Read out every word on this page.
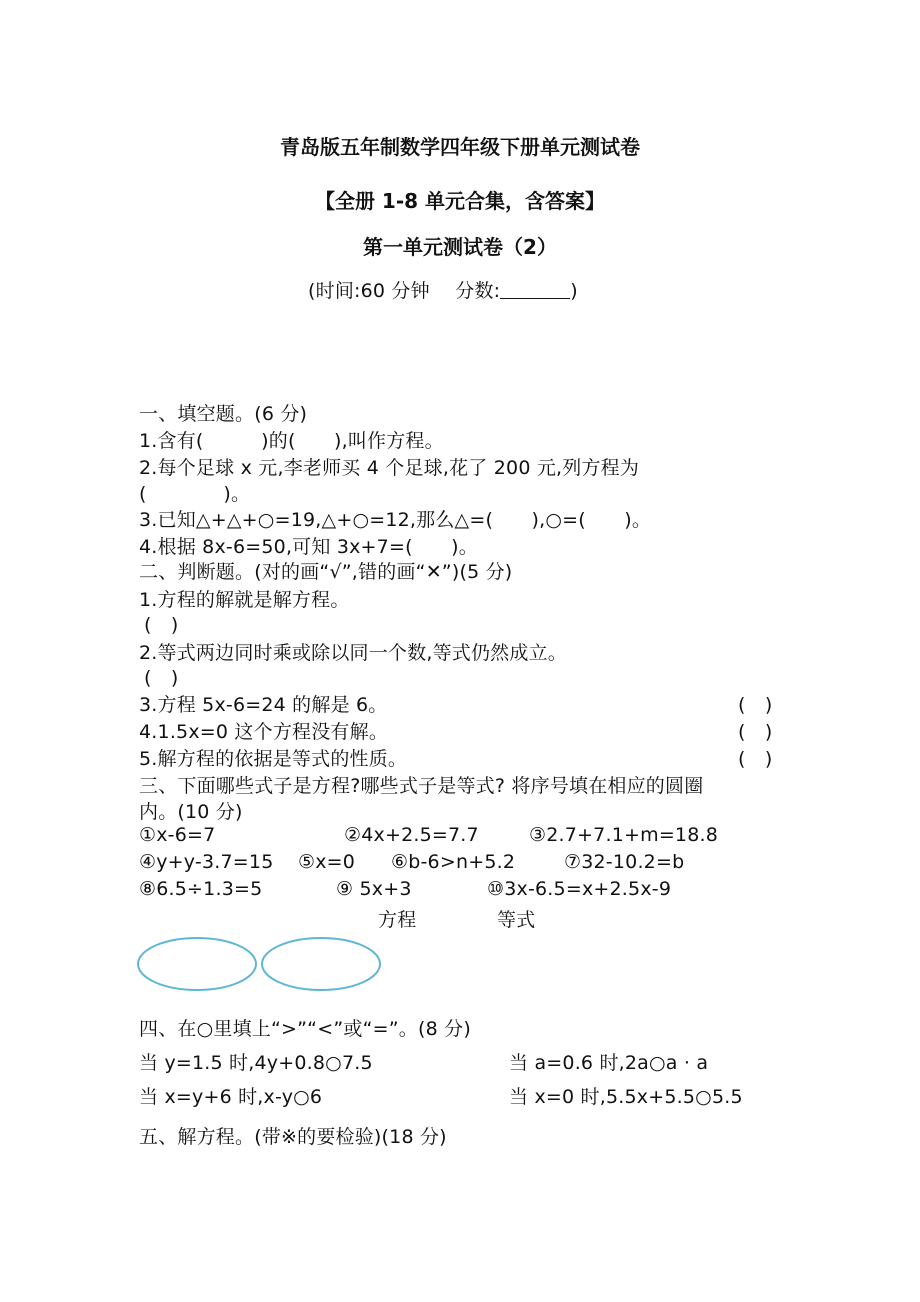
青岛版五年制数学四年级下册单元测试卷
【全册 1-8 单元合集，含答案】
第一单元测试卷（2）
(时间:60 分钟　 分数:	)
一、填空题。(6 分)
1.含有(　　　)的(　　),叫作方程。
2.每个足球 x 元,李老师买 4 个足球,花了 200 元,列方程为
(　　　　)。
3.已知△+△+○=19,△+○=12,那么△=(　　),○=(　　)。
4.根据 8x-6=50,可知 3x+7=(　　)。
二、判断题。(对的画“√”,错的画“✕”)(5 分)
1.方程的解就是解方程。
(　)
2.等式两边同时乘或除以同一个数,等式仍然成立。
(　)
3.方程 5x-6=24 的解是 6。	(　)
4.1.5x=0 这个方程没有解。	(　)
5.解方程的依据是等式的性质。	(　)
三、下面哪些式子是方程?哪些式子是等式? 将序号填在相应的圆圈
内。(10 分)
①x-6=7	②4x+2.5=7.7	③2.7+7.1+m=18.8
④y+y-3.7=15 ⑤x=0 ⑥b-6>n+5.2	⑦32-10.2=b
⑧6.5÷1.3=5	⑨ 5x+3	⑩3x-6.5=x+2.5x-9
方程	等式
四、在○里填上“>”“<”或“=”。(8 分)
当 y=1.5 时,4y+0.8○7.5	当 a=0.6 时,2a○a · a
当 x=y+6 时,x-y○6	当 x=0 时,5.5x+5.5○5.5
五、解方程。(带※的要检验)(18 分)
